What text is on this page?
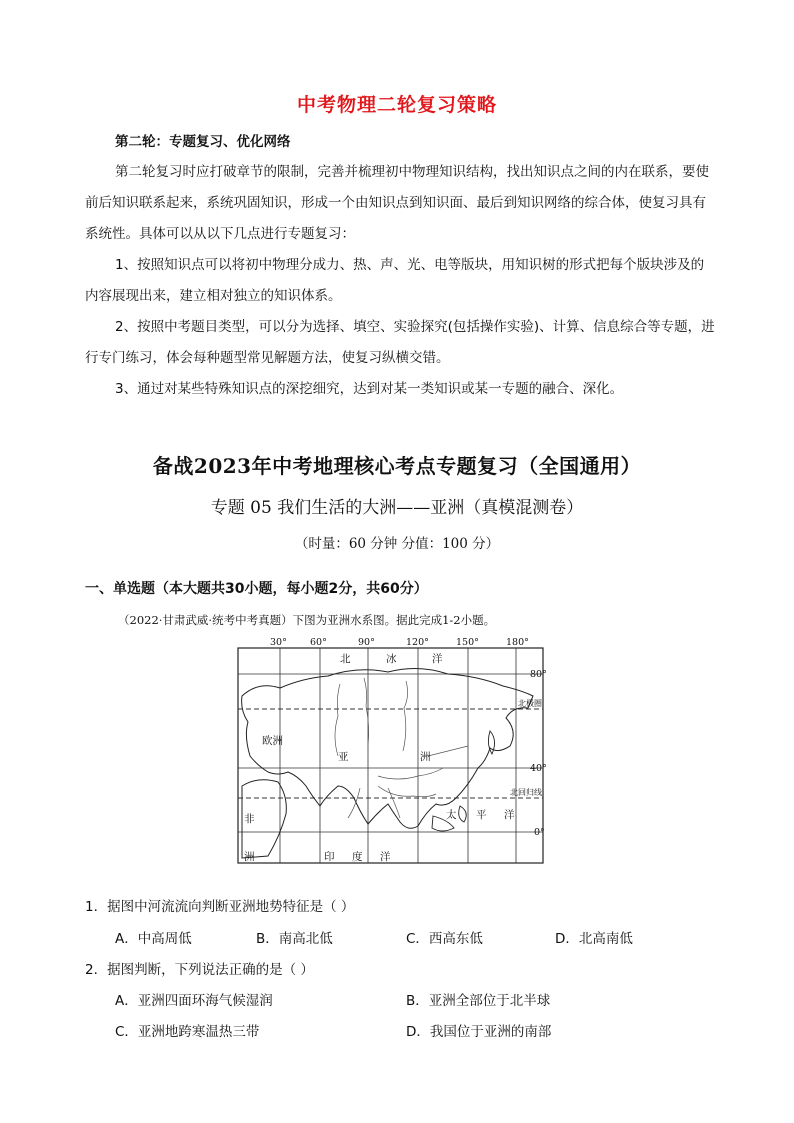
中考物理二轮复习策略
第二轮：专题复习、优化网络

第二轮复习时应打破章节的限制，完善并梳理初中物理知识结构，找出知识点之间的内在联系，要使前后知识联系起来，系统巩固知识，形成一个由知识点到知识面、最后到知识网络的综合体，使复习具有系统性。具体可以从以下几点进行专题复习：

1、按照知识点可以将初中物理分成力、热、声、光、电等版块，用知识树的形式把每个版块涉及的内容展现出来，建立相对独立的知识体系。

2、按照中考题目类型，可以分为选择、填空、实验探究(包括操作实验)、计算、信息综合等专题，进行专门练习，体会每种题型常见解题方法，使复习纵横交错。

3、通过对某些特殊知识点的深挖细究，达到对某一类知识或某一专题的融合、深化。

备战2023年中考地理核心考点专题复习（全国通用）
专题 05 我们生活的大洲——亚洲（真模混测卷）
（时量：60 分钟 分值：100 分）
一、单选题（本大题共30小题，每小题2分，共60分）
（2022·甘肃武威·统考中考真题）下图为亚洲水系图。据此完成1-2小题。
30° 60°	90°	120°	150°	180°
80°
40°
0°
北极圈
北回归线
北	冰	洋
欧洲
亚	洲
太 平 洋
非
洲	印 度 洋
1．据图中河流流向判断亚洲地势特征是（ ）
A．中高周低	B．南高北低	C．西高东低	D．北高南低
2．据图判断，下列说法正确的是（ ）
A．亚洲四面环海气候湿润	B．亚洲全部位于北半球
C．亚洲地跨寒温热三带	D．我国位于亚洲的南部
